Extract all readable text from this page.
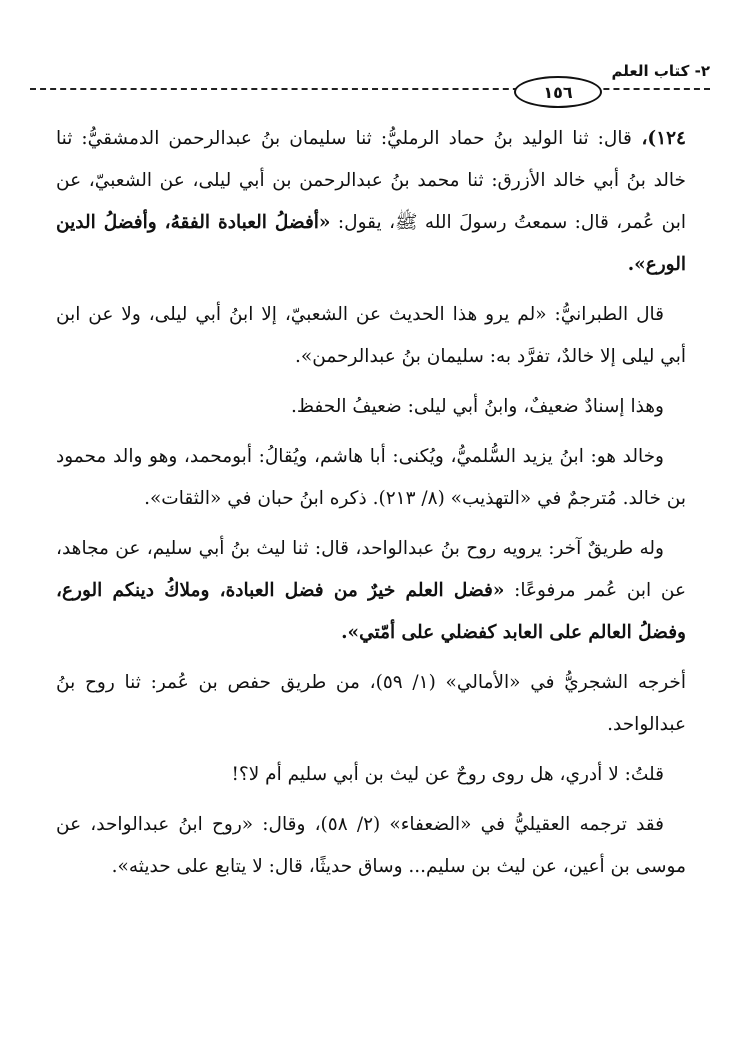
٢- كتاب العلم
١٥٦

١٢٤)، قال: ثنا الوليد بنُ حماد الرمليُّ: ثنا سليمان بنُ عبدالرحمن الدمشقيُّ: ثنا خالد بنُ أبي خالد الأزرق: ثنا محمد بنُ عبدالرحمن بن أبي ليلى، عن الشعبيّ، عن ابن عُمر، قال: سمعتُ رسولَ الله ﷺ، يقول: «أفضلُ العبادة الفقهُ، وأفضلُ الدين الورع».

قال الطبرانيُّ: «لم يرو هذا الحديث عن الشعبيّ، إلا ابنُ أبي ليلى، ولا عن ابن أبي ليلى إلا خالدٌ، تفرَّد به: سليمان بنُ عبدالرحمن».

وهذا إسنادٌ ضعيفٌ، وابنُ أبي ليلى: ضعيفُ الحفظ.

وخالد هو: ابنُ يزيد السُّلميُّ، ويُكنى: أبا هاشم، ويُقالُ: أبومحمد، وهو والد محمود بن خالد. مُترجمٌ في «التهذيب» (٨/ ٢١٣). ذكره ابنُ حبان في «الثقات».

وله طريقٌ آخر: يرويه روح بنُ عبدالواحد، قال: ثنا ليث بنُ أبي سليم، عن مجاهد، عن ابن عُمر مرفوعًا: «فضل العلم خيرٌ من فضل العبادة، وملاكُ دينكم الورع، وفضلُ العالم على العابد كفضلي على أمّتي».

أخرجه الشجريُّ في «الأمالي» (١/ ٥٩)، من طريق حفص بن عُمر: ثنا روح بنُ عبدالواحد.

قلتُ: لا أدري، هل روى روحٌ عن ليث بن أبي سليم أم لا؟!

فقد ترجمه العقيليُّ في «الضعفاء» (٢/ ٥٨)، وقال: «روح ابنُ عبدالواحد، عن موسى بن أعين، عن ليث بن سليم... وساق حديثًا، قال: لا يتابع على حديثه».
